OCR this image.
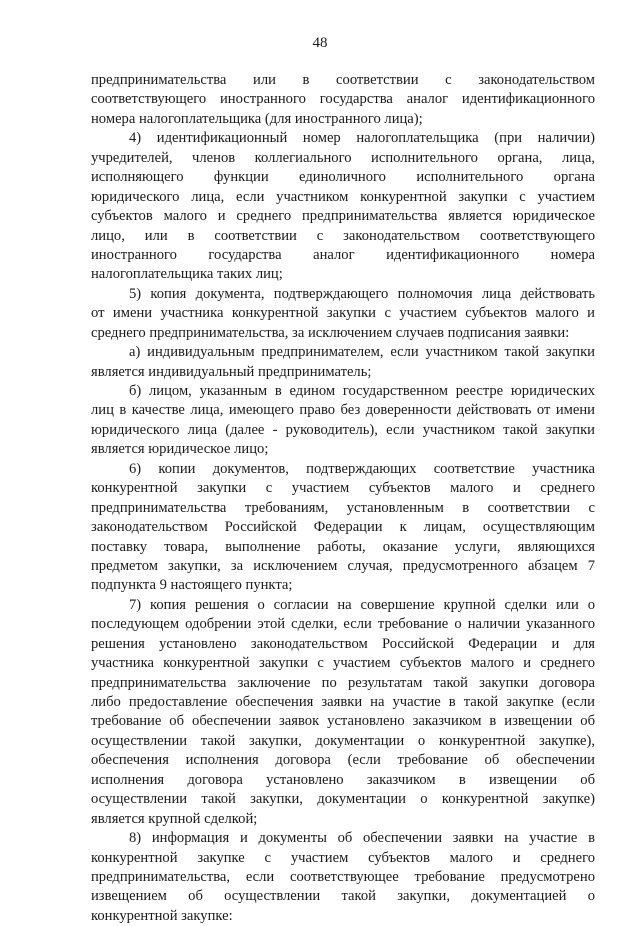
48
предпринимательства или в соответствии с законодательством
соответствующего иностранного государства аналог идентификационного
номера налогоплательщика (для иностранного лица);
4) идентификационный номер налогоплательщика (при наличии)
учредителей, членов коллегиального исполнительного органа, лица,
исполняющего функции единоличного исполнительного органа
юридического лица, если участником конкурентной закупки с участием
субъектов малого и среднего предпринимательства является юридическое
лицо, или в соответствии с законодательством соответствующего
иностранного государства аналог идентификационного номера
налогоплательщика таких лиц;
5) копия документа, подтверждающего полномочия лица действовать
от имени участника конкурентной закупки с участием субъектов малого и
среднего предпринимательства, за исключением случаев подписания заявки:
а) индивидуальным предпринимателем, если участником такой закупки
является индивидуальный предприниматель;
б) лицом, указанным в едином государственном реестре юридических
лиц в качестве лица, имеющего право без доверенности действовать от имени
юридического лица (далее - руководитель), если участником такой закупки
является юридическое лицо;
6) копии документов, подтверждающих соответствие участника
конкурентной закупки с участием субъектов малого и среднего
предпринимательства требованиям, установленным в соответствии с
законодательством Российской Федерации к лицам, осуществляющим
поставку товара, выполнение работы, оказание услуги, являющихся
предметом закупки, за исключением случая, предусмотренного абзацем 7
подпункта 9 настоящего пункта;
7) копия решения о согласии на совершение крупной сделки или о
последующем одобрении этой сделки, если требование о наличии указанного
решения установлено законодательством Российской Федерации и для
участника конкурентной закупки с участием субъектов малого и среднего
предпринимательства заключение по результатам такой закупки договора
либо предоставление обеспечения заявки на участие в такой закупке (если
требование об обеспечении заявок установлено заказчиком в извещении об
осуществлении такой закупки, документации о конкурентной закупке),
обеспечения исполнения договора (если требование об обеспечении
исполнения договора установлено заказчиком в извещении об
осуществлении такой закупки, документации о конкурентной закупке)
является крупной сделкой;
8) информация и документы об обеспечении заявки на участие в
конкурентной закупке с участием субъектов малого и среднего
предпринимательства, если соответствующее требование предусмотрено
извещением об осуществлении такой закупки, документацией о
конкурентной закупке:
